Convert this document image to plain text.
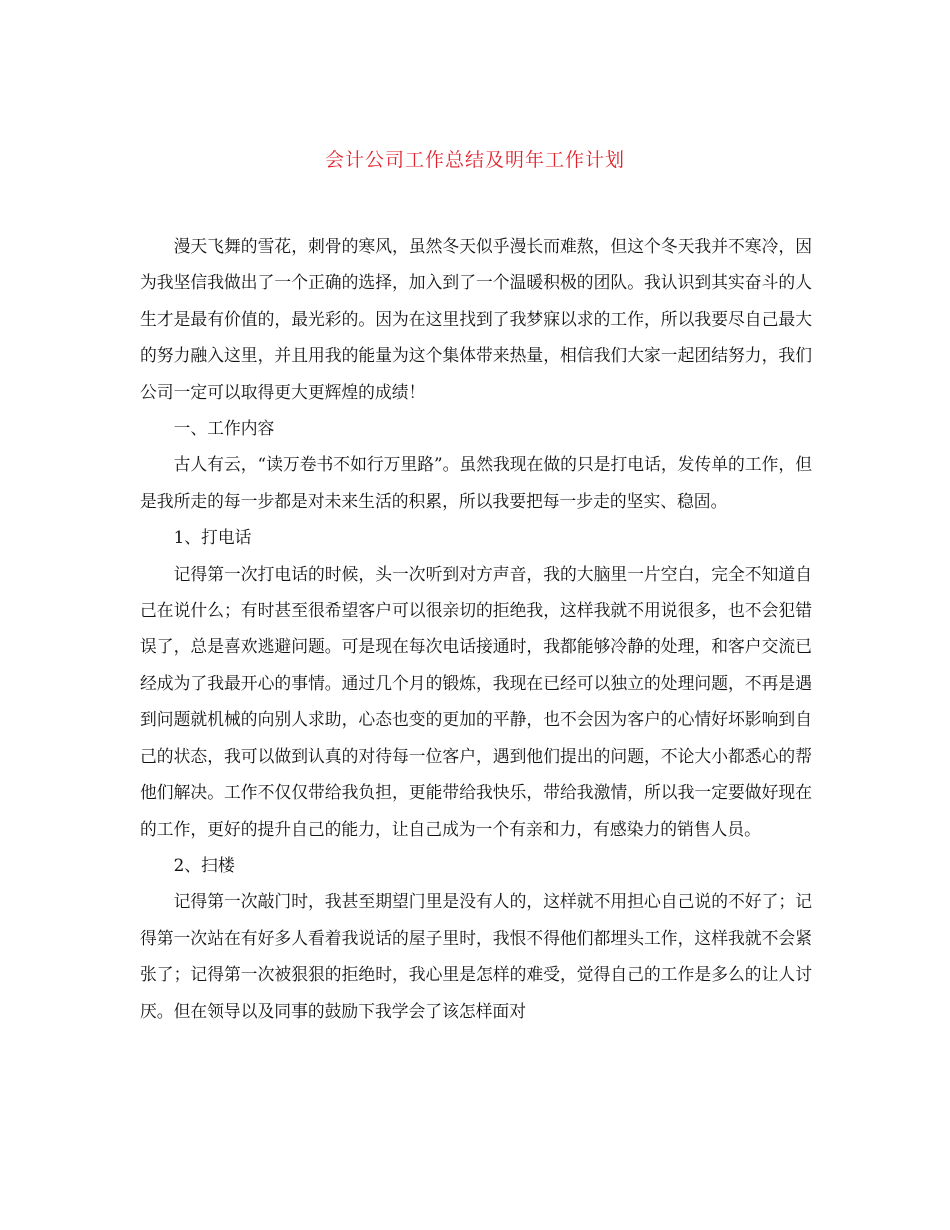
会计公司工作总结及明年工作计划

漫天飞舞的雪花，刺骨的寒风，虽然冬天似乎漫长而难熬，但这个冬天我并不寒冷，因为我坚信我做出了一个正确的选择，加入到了一个温暖积极的团队。我认识到其实奋斗的人生才是最有价值的，最光彩的。因为在这里找到了我梦寐以求的工作，所以我要尽自己最大的努力融入这里，并且用我的能量为这个集体带来热量，相信我们大家一起团结努力，我们公司一定可以取得更大更辉煌的成绩！

一、工作内容

古人有云，“读万卷书不如行万里路”。虽然我现在做的只是打电话，发传单的工作，但是我所走的每一步都是对未来生活的积累，所以我要把每一步走的坚实、稳固。

1、打电话

记得第一次打电话的时候，头一次听到对方声音，我的大脑里一片空白，完全不知道自己在说什么；有时甚至很希望客户可以很亲切的拒绝我，这样我就不用说很多，也不会犯错误了，总是喜欢逃避问题。可是现在每次电话接通时，我都能够冷静的处理，和客户交流已经成为了我最开心的事情。通过几个月的锻炼，我现在已经可以独立的处理问题，不再是遇到问题就机械的向别人求助，心态也变的更加的平静，也不会因为客户的心情好坏影响到自己的状态，我可以做到认真的对待每一位客户，遇到他们提出的问题，不论大小都悉心的帮他们解决。工作不仅仅带给我负担，更能带给我快乐，带给我激情，所以我一定要做好现在的工作，更好的提升自己的能力，让自己成为一个有亲和力，有感染力的销售人员。

2、扫楼

记得第一次敲门时，我甚至期望门里是没有人的，这样就不用担心自己说的不好了；记得第一次站在有好多人看着我说话的屋子里时，我恨不得他们都埋头工作，这样我就不会紧张了；记得第一次被狠狠的拒绝时，我心里是怎样的难受，觉得自己的工作是多么的让人讨厌。但在领导以及同事的鼓励下我学会了该怎样面对
